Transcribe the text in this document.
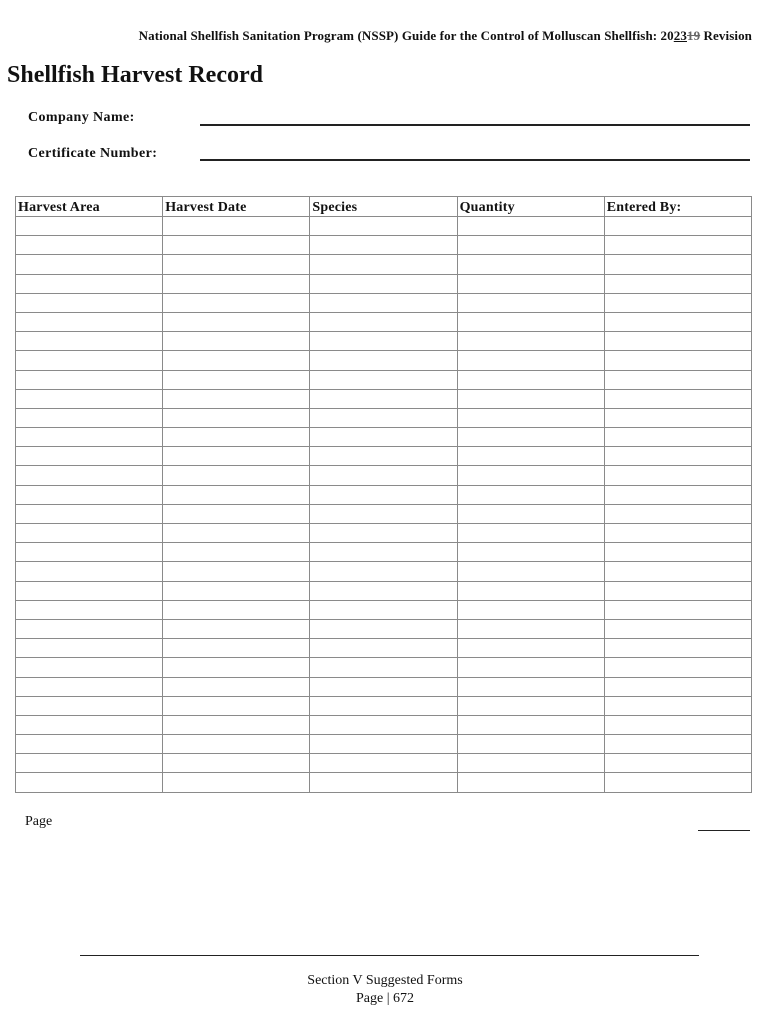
National Shellfish Sanitation Program (NSSP) Guide for the Control of Molluscan Shellfish: 202319 Revision
Shellfish Harvest Record
Company Name:
Certificate Number:
Harvest Area	Harvest Date	Species	Quantity	Entered By:

Page
Section V Suggested Forms
Page | 672
